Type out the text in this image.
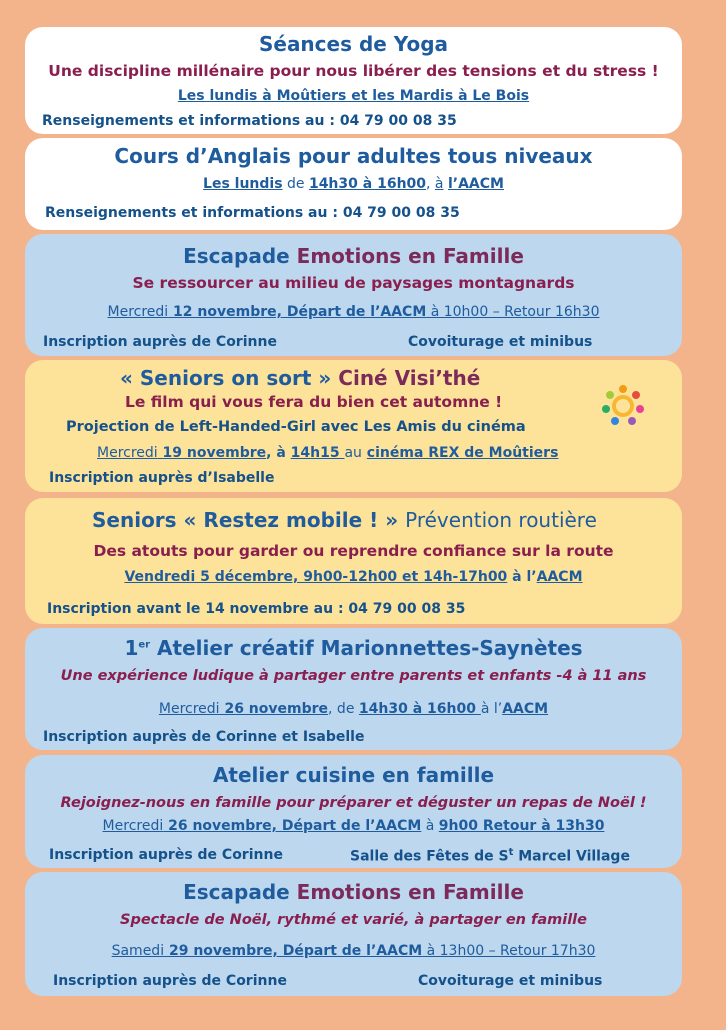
Séances de Yoga
Une discipline millénaire pour nous libérer des tensions et du stress !
Les lundis à Moûtiers et les Mardis à Le Bois
Renseignements et informations au : 04 79 00 08 35
Cours d’Anglais pour adultes tous niveaux
Les lundis de 14h30 à 16h00, à l’AACM
Renseignements et informations au : 04 79 00 08 35
Escapade Emotions en Famille
Se ressourcer au milieu de paysages montagnards
Mercredi 12 novembre, Départ de l’AACM à 10h00 – Retour 16h30
Inscription auprès de Corinne	Covoiturage et minibus
« Seniors on sort » Ciné Visi’thé
Le film qui vous fera du bien cet automne !
Projection de Left-Handed-Girl avec Les Amis du cinéma
Mercredi 19 novembre, à 14h15 au cinéma REX de Moûtiers
Inscription auprès d’Isabelle
Seniors « Restez mobile ! » Prévention routière
Des atouts pour garder ou reprendre confiance sur la route
Vendredi 5 décembre, 9h00-12h00 et 14h-17h00 à l’AACM
Inscription avant le 14 novembre au : 04 79 00 08 35
1er Atelier créatif Marionnettes-Saynètes
Une expérience ludique à partager entre parents et enfants -4 à 11 ans
Mercredi 26 novembre, de 14h30 à 16h00 à l’AACM
Inscription auprès de Corinne et Isabelle
Atelier cuisine en famille
Rejoignez-nous en famille pour préparer et déguster un repas de Noël !
Mercredi 26 novembre, Départ de l’AACM à 9h00 Retour à 13h30
Inscription auprès de Corinne	Salle des Fêtes de $S^t$ Marcel Village
Escapade Emotions en Famille
Spectacle de Noël, rythmé et varié, à partager en famille
Samedi 29 novembre, Départ de l’AACM à 13h00 – Retour 17h30
Inscription auprès de Corinne	Covoiturage et minibus
